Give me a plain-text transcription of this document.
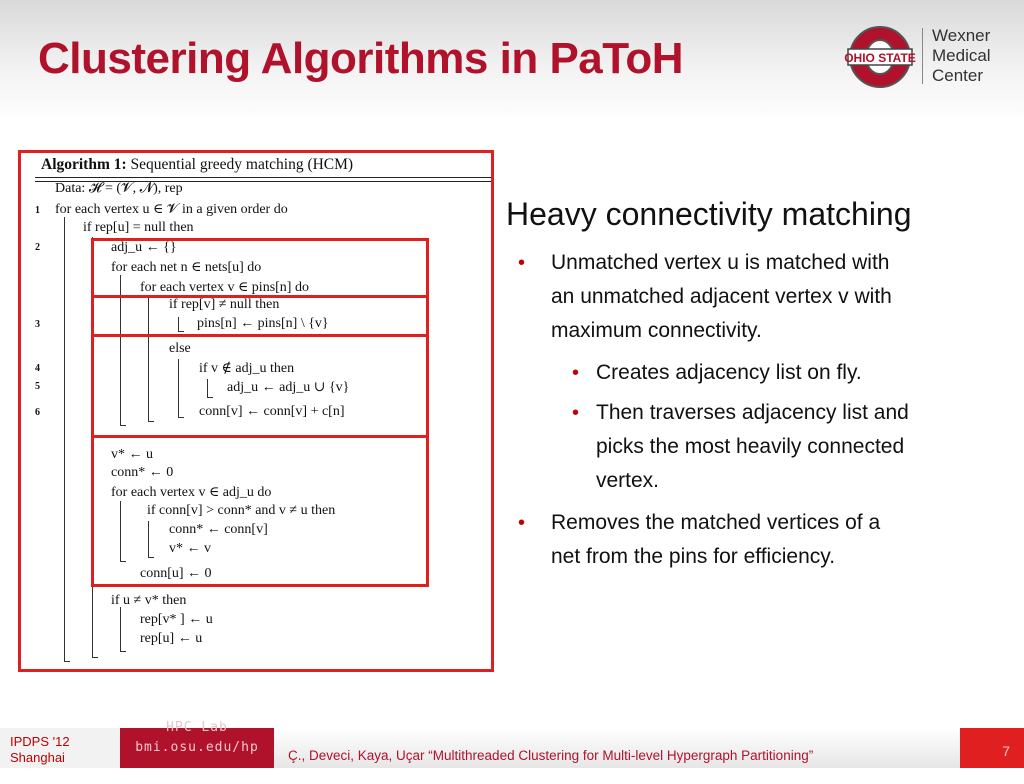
Clustering Algorithms in PaToH	OHIO STATE
Wexner
Medical
Center
Algorithm 1: Sequential greedy matching (HCM)
1
2
3
4
5
6
Data: 𝓗 = (𝓥, 𝓝), rep
for each vertex u ∈ 𝓥 in a given order do
if rep[u] = null then
adj_u ← {}
for each net n ∈ nets[u] do
for each vertex v ∈ pins[n] do
if rep[v] ≠ null then
pins[n] ← pins[n] \ {v}
else
if v ∉ adj_u then
adj_u ← adj_u ∪ {v}
conn[v] ← conn[v] + c[n]
v* ← u
conn* ← 0
for each vertex v ∈ adj_u do
if conn[v] > conn* and v ≠ u then
conn* ← conn[v]
v* ← v
conn[u] ← 0
if u ≠ v* then
rep[v* ] ← u
rep[u] ← u
Heavy connectivity matching
• Unmatched vertex u is matched with
an unmatched adjacent vertex v with
maximum connectivity.
• Creates adjacency list on fly.
• Then traverses adjacency list and
picks the most heavily connected
vertex.
• Removes the matched vertices of a
net from the pins for efficiency.
IPDPS '12
Shanghai
HPC Lab
bmi.osu.edu/hp
Ç., Deveci, Kaya, Uçar “Multithreaded Clustering for Multi-level Hypergraph Partitioning”	7
